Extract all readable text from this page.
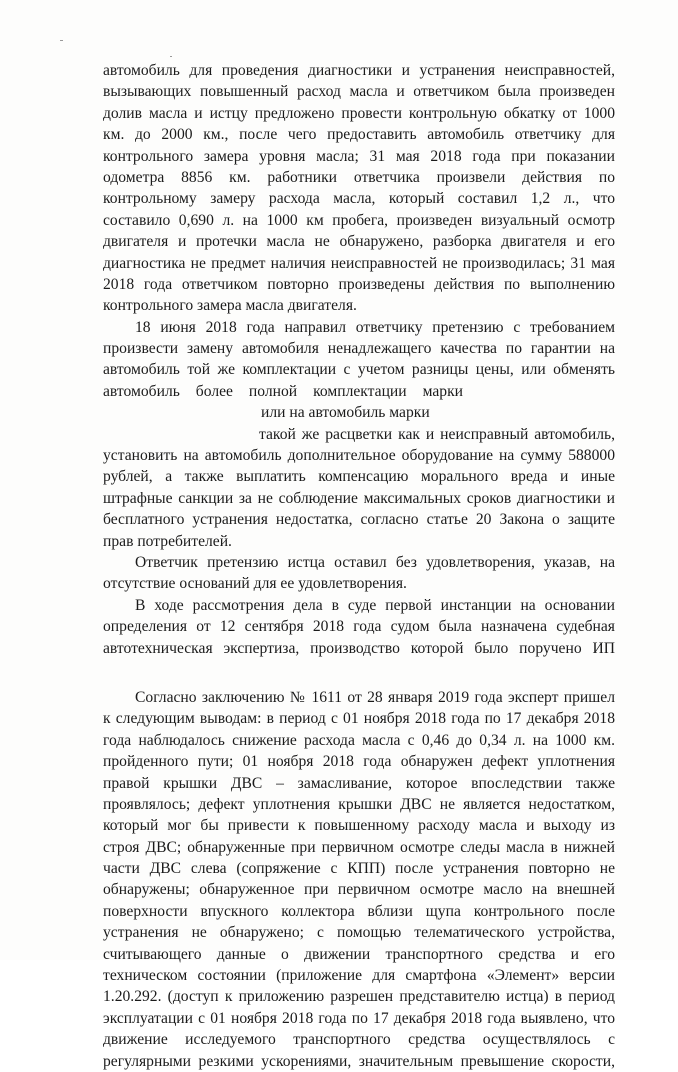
автомобиль для проведения диагностики и устранения неисправностей,
вызывающих повышенный расход масла и ответчиком была произведен
долив масла и истцу предложено провести контрольную обкатку от 1000
км. до 2000 км., после чего предоставить автомобиль ответчику для
контрольного замера уровня масла; 31 мая 2018 года при показании
одометра 8856 км. работники ответчика произвели действия по
контрольному замеру расхода масла, который составил 1,2 л., что
составило 0,690 л. на 1000 км пробега, произведен визуальный осмотр
двигателя и протечки масла не обнаружено, разборка двигателя и его
диагностика не предмет наличия неисправностей не производилась; 31 мая
2018 года ответчиком повторно произведены действия по выполнению
контрольного замера масла двигателя.
18 июня 2018 года направил ответчику претензию с требованием
произвести замену автомобиля ненадлежащего качества по гарантии на
автомобиль той же комплектации с учетом разницы цены, или обменять
автомобиль более полной комплектации марки
или на автомобиль марки
такой же расцветки как и неисправный автомобиль,
установить на автомобиль дополнительное оборудование на сумму 588000
рублей, а также выплатить компенсацию морального вреда и иные
штрафные санкции за не соблюдение максимальных сроков диагностики и
бесплатного устранения недостатка, согласно статье 20 Закона о защите
прав потребителей.
Ответчик претензию истца оставил без удовлетворения, указав, на
отсутствие оснований для ее удовлетворения.
В ходе рассмотрения дела в суде первой инстанции на основании
определения от 12 сентября 2018 года судом была назначена судебная
автотехническая экспертиза, производство которой было поручено ИП
Согласно заключению № 1611 от 28 января 2019 года эксперт пришел
к следующим выводам: в период с 01 ноября 2018 года по 17 декабря 2018
года наблюдалось снижение расхода масла с 0,46 до 0,34 л. на 1000 км.
пройденного пути; 01 ноября 2018 года обнаружен дефект уплотнения
правой крышки ДВС – замасливание, которое впоследствии также
проявлялось; дефект уплотнения крышки ДВС не является недостатком,
который мог бы привести к повышенному расходу масла и выходу из
строя ДВС; обнаруженные при первичном осмотре следы масла в нижней
части ДВС слева (сопряжение с КПП) после устранения повторно не
обнаружены; обнаруженное при первичном осмотре масло на внешней
поверхности впускного коллектора вблизи щупа контрольного после
устранения не обнаружено; с помощью телематического устройства,
считывающего данные о движении транспортного средства и его
техническом состоянии (приложение для смартфона «Элемент» версии
1.20.292. (доступ к приложению разрешен представителю истца) в период
эксплуатации с 01 ноября 2018 года по 17 декабря 2018 года выявлено, что
движение исследуемого транспортного средства осуществлялось с
регулярными резкими ускорениями, значительным превышение скорости,
